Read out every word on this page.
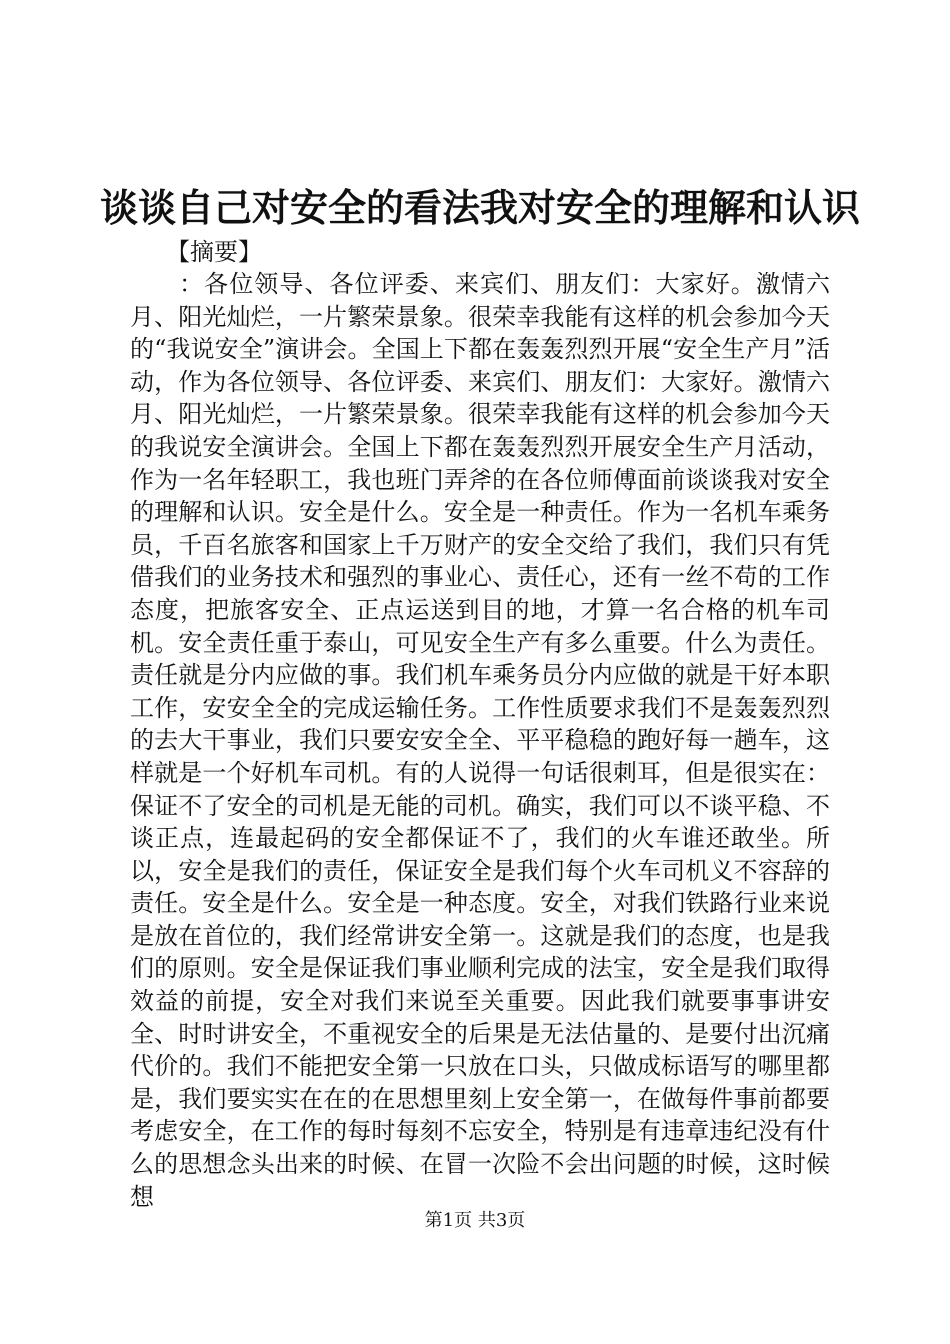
谈谈自己对安全的看法我对安全的理解和认识

【摘要】

：各位领导、各位评委、来宾们、朋友们：大家好。激情六月、阳光灿烂，一片繁荣景象。很荣幸我能有这样的机会参加今天的“我说安全”演讲会。全国上下都在轰轰烈烈开展“安全生产月”活动，作为各位领导、各位评委、来宾们、朋友们：大家好。激情六月、阳光灿烂，一片繁荣景象。很荣幸我能有这样的机会参加今天的我说安全演讲会。全国上下都在轰轰烈烈开展安全生产月活动，作为一名年轻职工，我也班门弄斧的在各位师傅面前谈谈我对安全的理解和认识。安全是什么。安全是一种责任。作为一名机车乘务员，千百名旅客和国家上千万财产的安全交给了我们，我们只有凭借我们的业务技术和强烈的事业心、责任心，还有一丝不苟的工作态度，把旅客安全、正点运送到目的地，才算一名合格的机车司机。安全责任重于泰山，可见安全生产有多么重要。什么为责任。责任就是分内应做的事。我们机车乘务员分内应做的就是干好本职工作，安安全全的完成运输任务。工作性质要求我们不是轰轰烈烈的去大干事业，我们只要安安全全、平平稳稳的跑好每一趟车，这样就是一个好机车司机。有的人说得一句话很刺耳，但是很实在：保证不了安全的司机是无能的司机。确实，我们可以不谈平稳、不谈正点，连最起码的安全都保证不了，我们的火车谁还敢坐。所以，安全是我们的责任，保证安全是我们每个火车司机义不容辞的责任。安全是什么。安全是一种态度。安全，对我们铁路行业来说是放在首位的，我们经常讲安全第一。这就是我们的态度，也是我们的原则。安全是保证我们事业顺利完成的法宝，安全是我们取得效益的前提，安全对我们来说至关重要。因此我们就要事事讲安全、时时讲安全，不重视安全的后果是无法估量的、是要付出沉痛代价的。我们不能把安全第一只放在口头，只做成标语写的哪里都是，我们要实实在在的在思想里刻上安全第一，在做每件事前都要考虑安全，在工作的每时每刻不忘安全，特别是有违章违纪没有什么的思想念头出来的时候、在冒一次险不会出问题的时候，这时候想

第1页 共3页
